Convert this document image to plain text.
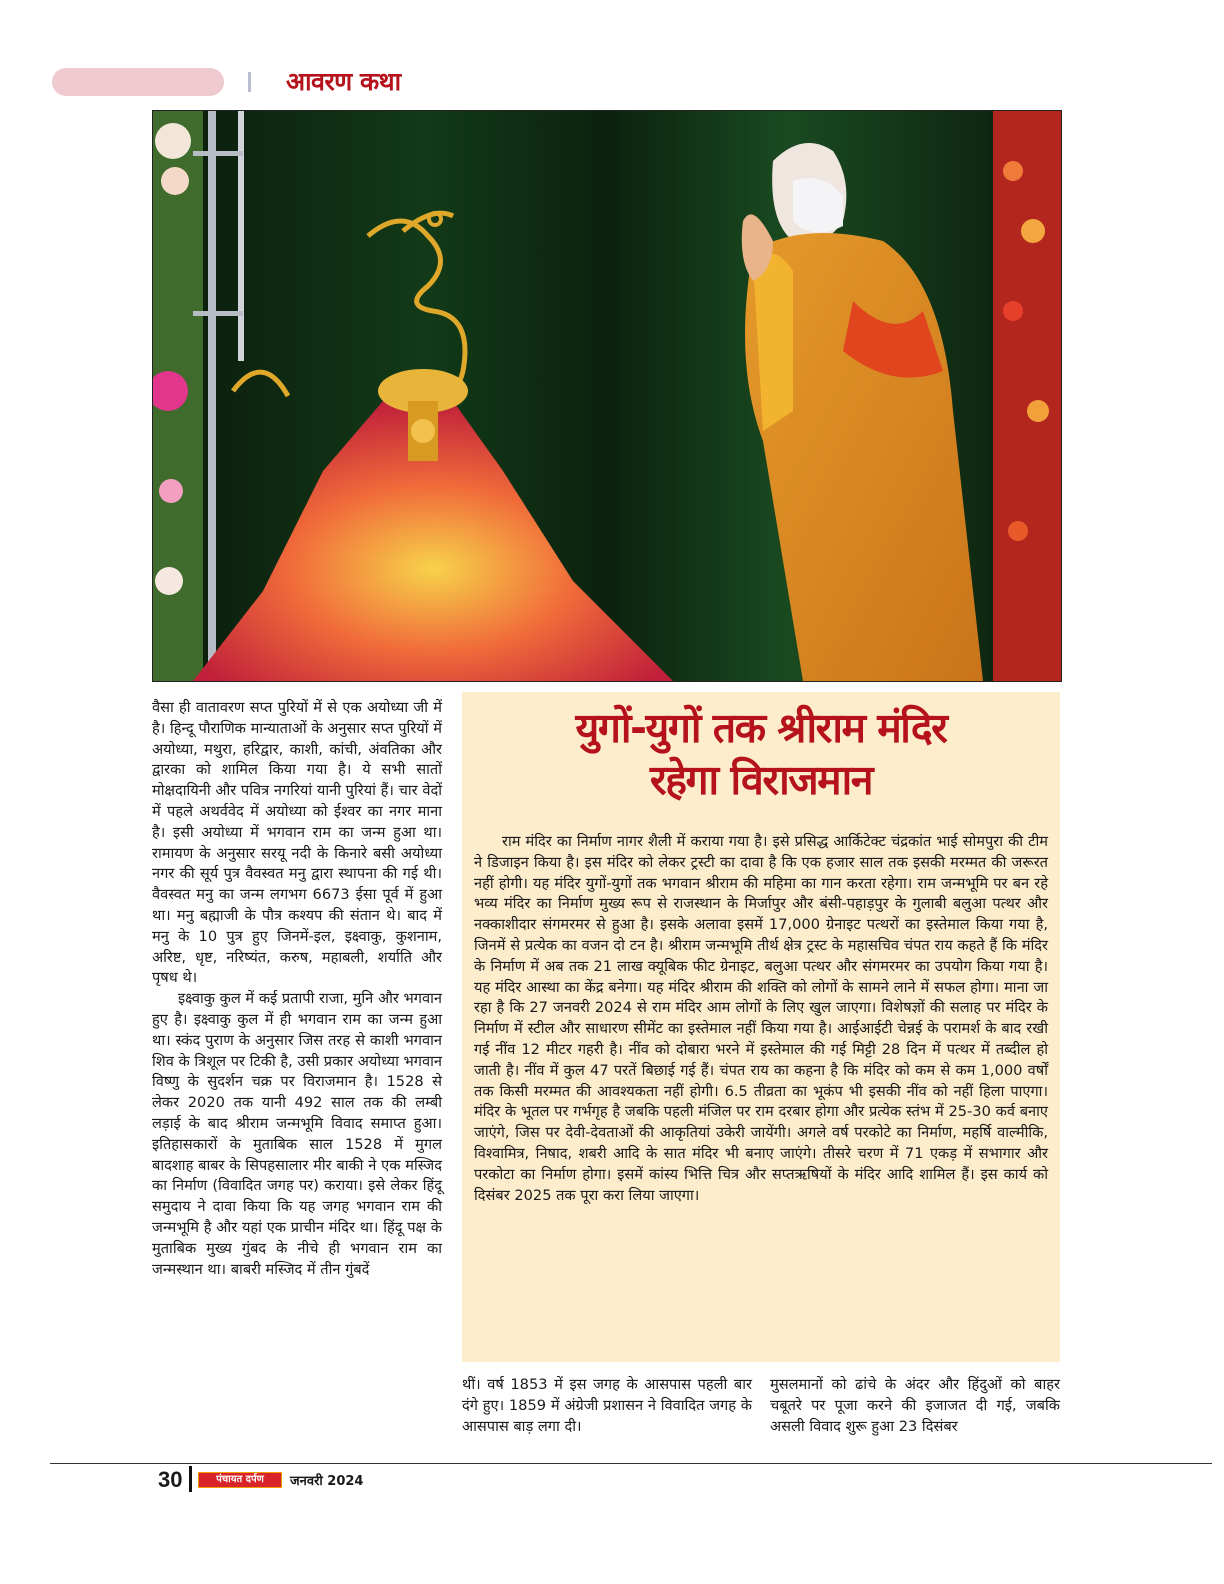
आवरण कथा

वैसा ही वातावरण सप्त पुरियों में से एक अयोध्या जी में है। हिन्दू पौराणिक मान्याताओं के अनुसार सप्त पुरियों में अयोध्या, मथुरा, हरिद्वार, काशी, कांची, अंवतिका और द्वारका को शामिल किया गया है। ये सभी सातों मोक्षदायिनी और पवित्र नगरियां यानी पुरियां हैं। चार वेदों में पहले अथर्ववेद में अयोध्या को ईश्वर का नगर माना है। इसी अयोध्या में भगवान राम का जन्म हुआ था। रामायण के अनुसार सरयू नदी के किनारे बसी अयोध्या नगर की सूर्य पुत्र वैवस्वत मनु द्वारा स्थापना की गई थी। वैवस्वत मनु का जन्म लगभग 6673 ईसा पूर्व में हुआ था। मनु बह्माजी के पौत्र कश्यप की संतान थे। बाद में मनु के 10 पुत्र हुए जिनमें-इल, इक्ष्वाकु, कुशनाम, अरिष्ट, धृष्ट, नरिष्यंत, करुष, महाबली, शर्याति और पृषध थे।

इक्ष्वाकु कुल में कई प्रतापी राजा, मुनि और भगवान हुए है। इक्ष्वाकु कुल में ही भगवान राम का जन्म हुआ था। स्कंद पुराण के अनुसार जिस तरह से काशी भगवान शिव के त्रिशूल पर टिकी है, उसी प्रकार अयोध्या भगवान विष्णु के सुदर्शन चक्र पर विराजमान है। 1528 से लेकर 2020 तक यानी 492 साल तक की लम्बी लड़ाई के बाद श्रीराम जन्मभूमि विवाद समाप्त हुआ। इतिहासकारों के मुताबिक साल 1528 में मुगल बादशाह बाबर के सिपहसालार मीर बाकी ने एक मस्जिद का निर्माण (विवादित जगह पर) कराया। इसे लेकर हिंदू समुदाय ने दावा किया कि यह जगह भगवान राम की जन्मभूमि है और यहां एक प्राचीन मंदिर था। हिंदू पक्ष के मुताबिक मुख्य गुंबद के नीचे ही भगवान राम का जन्मस्थान था। बाबरी मस्जिद में तीन गुंबदें

युगों-युगों तक श्रीराम मंदिर
रहेगा विराजमान
राम मंदिर का निर्माण नागर शैली में कराया गया है। इसे प्रसिद्ध आर्किटेक्ट चंद्रकांत भाई सोमपुरा की टीम ने डिजाइन किया है। इस मंदिर को लेकर ट्रस्टी का दावा है कि एक हजार साल तक इसकी मरम्मत की जरूरत नहीं होगी। यह मंदिर युगों-युगों तक भगवान श्रीराम की महिमा का गान करता रहेगा। राम जन्मभूमि पर बन रहे भव्य मंदिर का निर्माण मुख्य रूप से राजस्थान के मिर्जापुर और बंसी-पहाड़पुर के गुलाबी बलुआ पत्थर और नक्काशीदार संगमरमर से हुआ है। इसके अलावा इसमें 17,000 ग्रेनाइट पत्थरों का इस्तेमाल किया गया है, जिनमें से प्रत्येक का वजन दो टन है। श्रीराम जन्मभूमि तीर्थ क्षेत्र ट्रस्ट के महासचिव चंपत राय कहते हैं कि मंदिर के निर्माण में अब तक 21 लाख क्यूबिक फीट ग्रेनाइट, बलुआ पत्थर और संगमरमर का उपयोग किया गया है। यह मंदिर आस्था का केंद्र बनेगा। यह मंदिर श्रीराम की शक्ति को लोगों के सामने लाने में सफल होगा। माना जा रहा है कि 27 जनवरी 2024 से राम मंदिर आम लोगों के लिए खुल जाएगा। विशेषज्ञों की सलाह पर मंदिर के निर्माण में स्टील और साधारण सीमेंट का इस्तेमाल नहीं किया गया है। आईआईटी चेन्नई के परामर्श के बाद रखी गई नींव 12 मीटर गहरी है। नींव को दोबारा भरने में इस्तेमाल की गई मिट्टी 28 दिन में पत्थर में तब्दील हो जाती है। नींव में कुल 47 परतें बिछाई गई हैं। चंपत राय का कहना है कि मंदिर को कम से कम 1,000 वर्षों तक किसी मरम्मत की आवश्यकता नहीं होगी। 6.5 तीव्रता का भूकंप भी इसकी नींव को नहीं हिला पाएगा। मंदिर के भूतल पर गर्भगृह है जबकि पहली मंजिल पर राम दरबार होगा और प्रत्येक स्तंभ में 25-30 कर्व बनाए जाएंगे, जिस पर देवी-देवताओं की आकृतियां उकेरी जायेंगी। अगले वर्ष परकोटे का निर्माण, महर्षि वाल्मीकि, विश्वामित्र, निषाद, शबरी आदि के सात मंदिर भी बनाए जाएंगे। तीसरे चरण में 71 एकड़ में सभागार और परकोटा का निर्माण होगा। इसमें कांस्य भित्ति चित्र और सप्तऋषियों के मंदिर आदि शामिल हैं। इस कार्य को दिसंबर 2025 तक पूरा करा लिया जाएगा।
थीं। वर्ष 1853 में इस जगह के आसपास पहली बार दंगे हुए। 1859 में अंग्रेजी प्रशासन ने विवादित जगह के आसपास बाड़ लगा दी।
मुसलमानों को ढांचे के अंदर और हिंदुओं को बाहर चबूतरे पर पूजा करने की इजाजत दी गई, जबकि असली विवाद शुरू हुआ 23 दिसंबर
30	पंचायत दर्पण	जनवरी 2024
